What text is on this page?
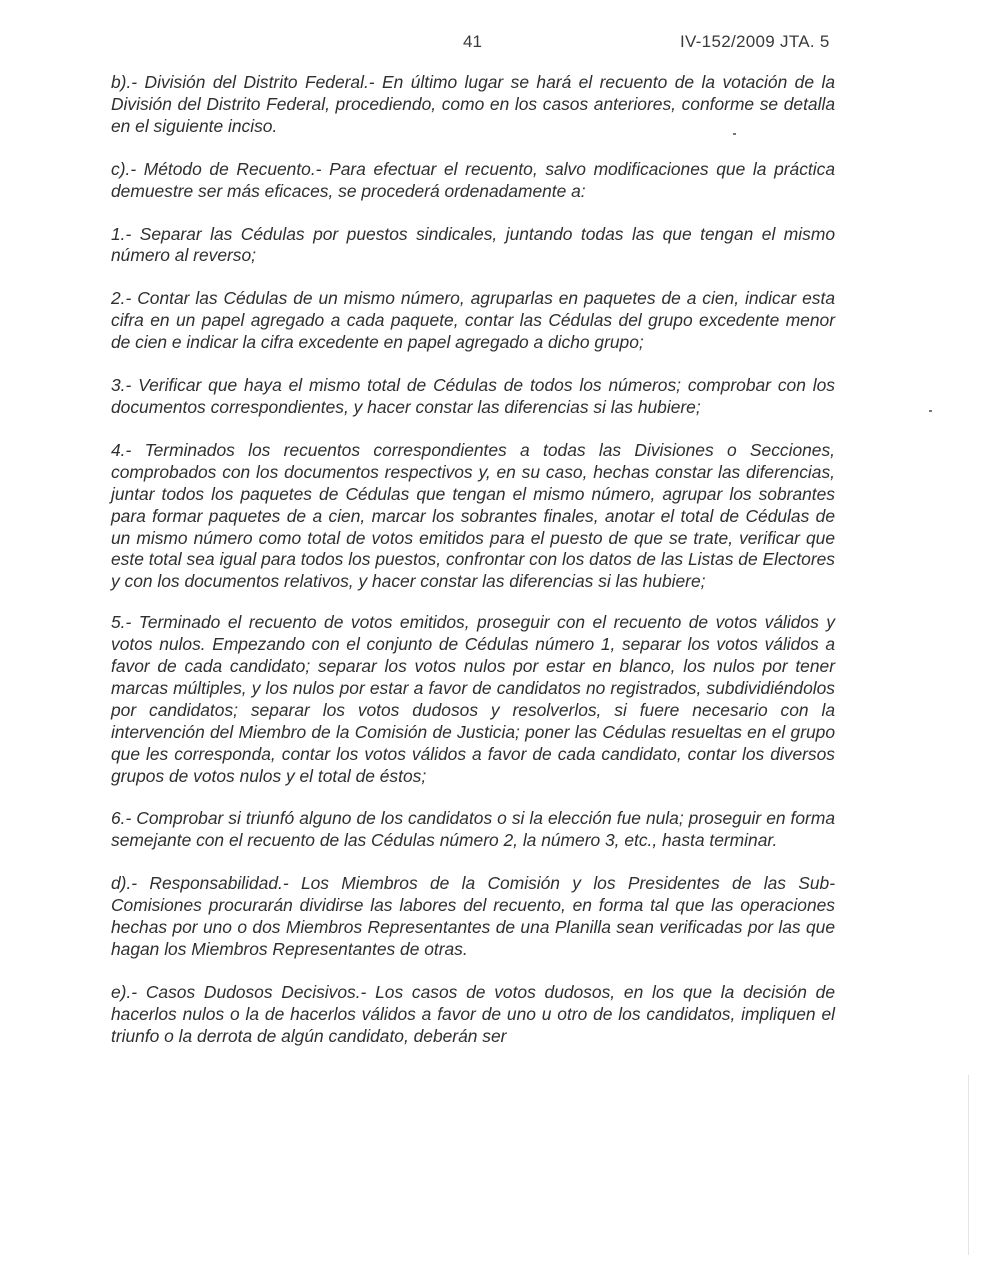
41	IV-152/2009 JTA. 5

b).- División del Distrito Federal.- En último lugar se hará el recuento de la votación de la División del Distrito Federal, procediendo, como en los casos anteriores, conforme se detalla en el siguiente inciso.

c).- Método de Recuento.- Para efectuar el recuento, salvo modificaciones que la práctica demuestre ser más eficaces, se procederá ordenadamente a:

1.- Separar las Cédulas por puestos sindicales, juntando todas las que tengan el mismo número al reverso;

2.- Contar las Cédulas de un mismo número, agruparlas en paquetes de a cien, indicar esta cifra en un papel agregado a cada paquete, contar las Cédulas del grupo excedente menor de cien e indicar la cifra excedente en papel agregado a dicho grupo;

3.- Verificar que haya el mismo total de Cédulas de todos los números; comprobar con los documentos correspondientes, y hacer constar las diferencias si las hubiere;

4.- Terminados los recuentos correspondientes a todas las Divisiones o Secciones, comprobados con los documentos respectivos y, en su caso, hechas constar las diferencias, juntar todos los paquetes de Cédulas que tengan el mismo número, agrupar los sobrantes para formar paquetes de a cien, marcar los sobrantes finales, anotar el total de Cédulas de un mismo número como total de votos emitidos para el puesto de que se trate, verificar que este total sea igual para todos los puestos, confrontar con los datos de las Listas de Electores y con los documentos relativos, y hacer constar las diferencias si las hubiere;

5.- Terminado el recuento de votos emitidos, proseguir con el recuento de votos válidos y votos nulos. Empezando con el conjunto de Cédulas número 1, separar los votos válidos a favor de cada candidato; separar los votos nulos por estar en blanco, los nulos por tener marcas múltiples, y los nulos por estar a favor de candidatos no registrados, subdividiéndolos por candidatos; separar los votos dudosos y resolverlos, si fuere necesario con la intervención del Miembro de la Comisión de Justicia; poner las Cédulas resueltas en el grupo que les corresponda, contar los votos válidos a favor de cada candidato, contar los diversos grupos de votos nulos y el total de éstos;

6.- Comprobar si triunfó alguno de los candidatos o si la elección fue nula; proseguir en forma semejante con el recuento de las Cédulas número 2, la número 3, etc., hasta terminar.

d).- Responsabilidad.- Los Miembros de la Comisión y los Presidentes de las Sub-Comisiones procurarán dividirse las labores del recuento, en forma tal que las operaciones hechas por uno o dos Miembros Representantes de una Planilla sean verificadas por las que hagan los Miembros Representantes de otras.

e).- Casos Dudosos Decisivos.- Los casos de votos dudosos, en los que la decisión de hacerlos nulos o la de hacerlos válidos a favor de uno u otro de los candidatos, impliquen el triunfo o la derrota de algún candidato, deberán ser
